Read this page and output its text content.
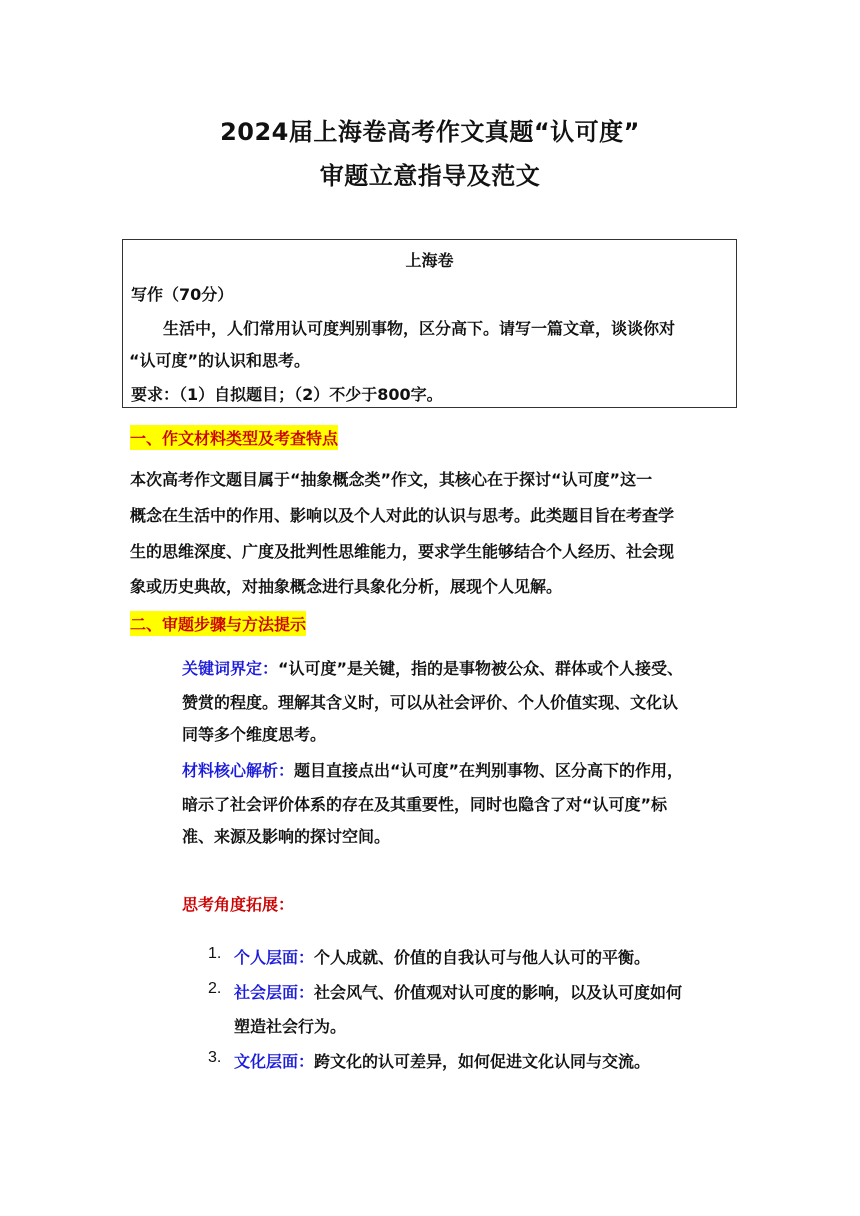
2024届上海卷高考作文真题“认可度”
审题立意指导及范文
上海卷
写作（70分）
生活中，人们常用认可度判别事物，区分高下。请写一篇文章，谈谈你对
“认可度”的认识和思考。
要求：（1）自拟题目；（2）不少于800字。
一、作文材料类型及考查特点
本次高考作文题目属于“抽象概念类”作文，其核心在于探讨“认可度”这一
概念在生活中的作用、影响以及个人对此的认识与思考。此类题目旨在考查学
生的思维深度、广度及批判性思维能力，要求学生能够结合个人经历、社会现
象或历史典故，对抽象概念进行具象化分析，展现个人见解。
二、审题步骤与方法提示
关键词界定：“认可度”是关键，指的是事物被公众、群体或个人接受、
赞赏的程度。理解其含义时，可以从社会评价、个人价值实现、文化认
同等多个维度思考。
材料核心解析：题目直接点出“认可度”在判别事物、区分高下的作用，
暗示了社会评价体系的存在及其重要性，同时也隐含了对“认可度”标
准、来源及影响的探讨空间。
思考角度拓展：
1. 个人层面：个人成就、价值的自我认可与他人认可的平衡。
2. 社会层面：社会风气、价值观对认可度的影响，以及认可度如何
塑造社会行为。
3. 文化层面：跨文化的认可差异，如何促进文化认同与交流。
